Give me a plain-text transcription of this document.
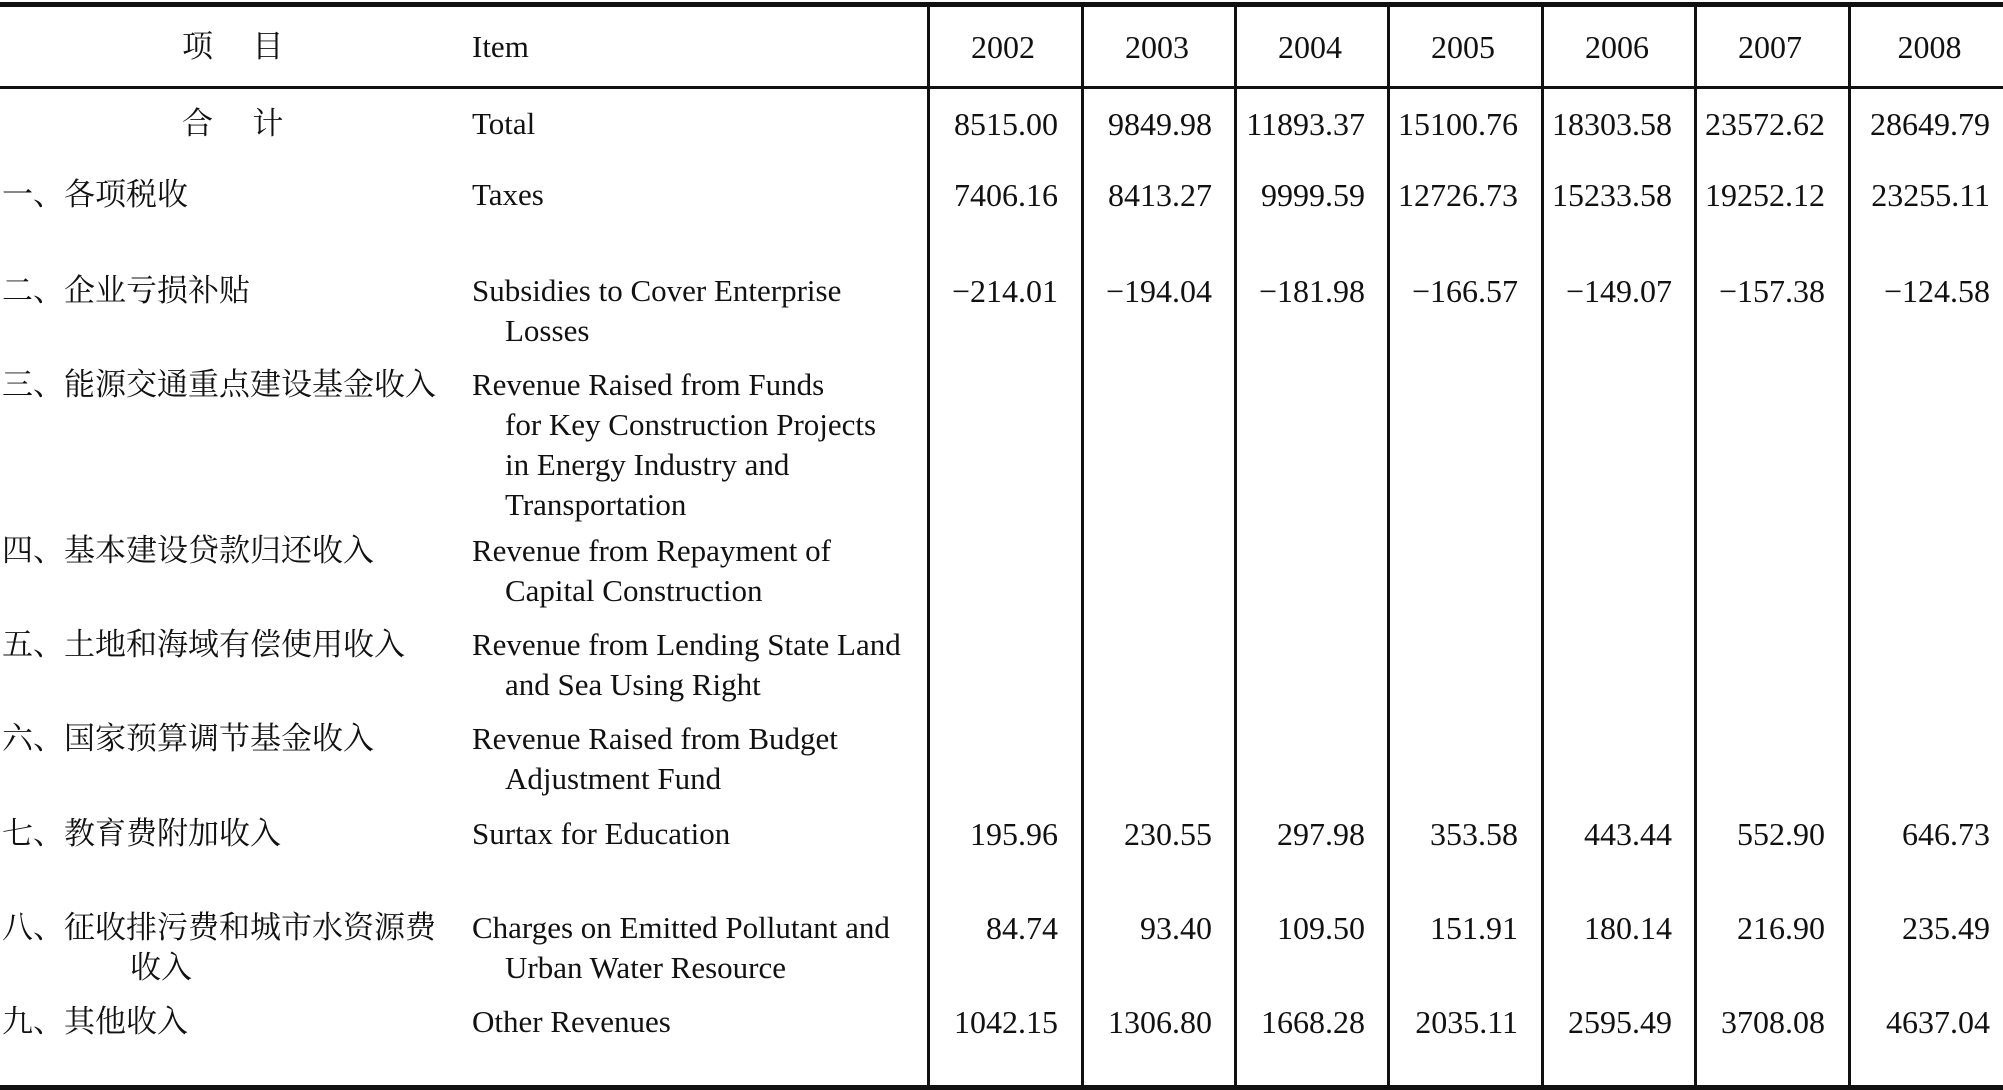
项    目	Item	2002	2003	2004	2005	2006	2007	2008
合    计	Total	8515.00	9849.98 11893.37 15100.76 18303.58 23572.62	28649.79
一、各项税收	Taxes	7406.16	8413.27	9999.59 12726.73 15233.58 19252.12	23255.11
二、企业亏损补贴	Subsidies to Cover Enterprise
Losses
−214.01	−194.04	−181.98	−166.57	−149.07	−157.38	−124.58
三、能源交通重点建设基金收入 Revenue Raised from Funds
for Key Construction Projects
in Energy Industry and
Transportation
四、基本建设贷款归还收入	Revenue from Repayment of
Capital Construction
五、土地和海域有偿使用收入 Revenue from Lending State Land
and Sea Using Right
六、国家预算调节基金收入	Revenue Raised from Budget
Adjustment Fund
七、教育费附加收入	Surtax for Education	195.96	230.55	297.98	353.58	443.44	552.90	646.73
八、征收排污费和城市水资源费
收入
Charges on Emitted Pollutant and
Urban Water Resource
84.74	93.40	109.50	151.91	180.14	216.90	235.49
九、其他收入	Other Revenues	1042.15	1306.80	1668.28	2035.11	2595.49	3708.08	4637.04
